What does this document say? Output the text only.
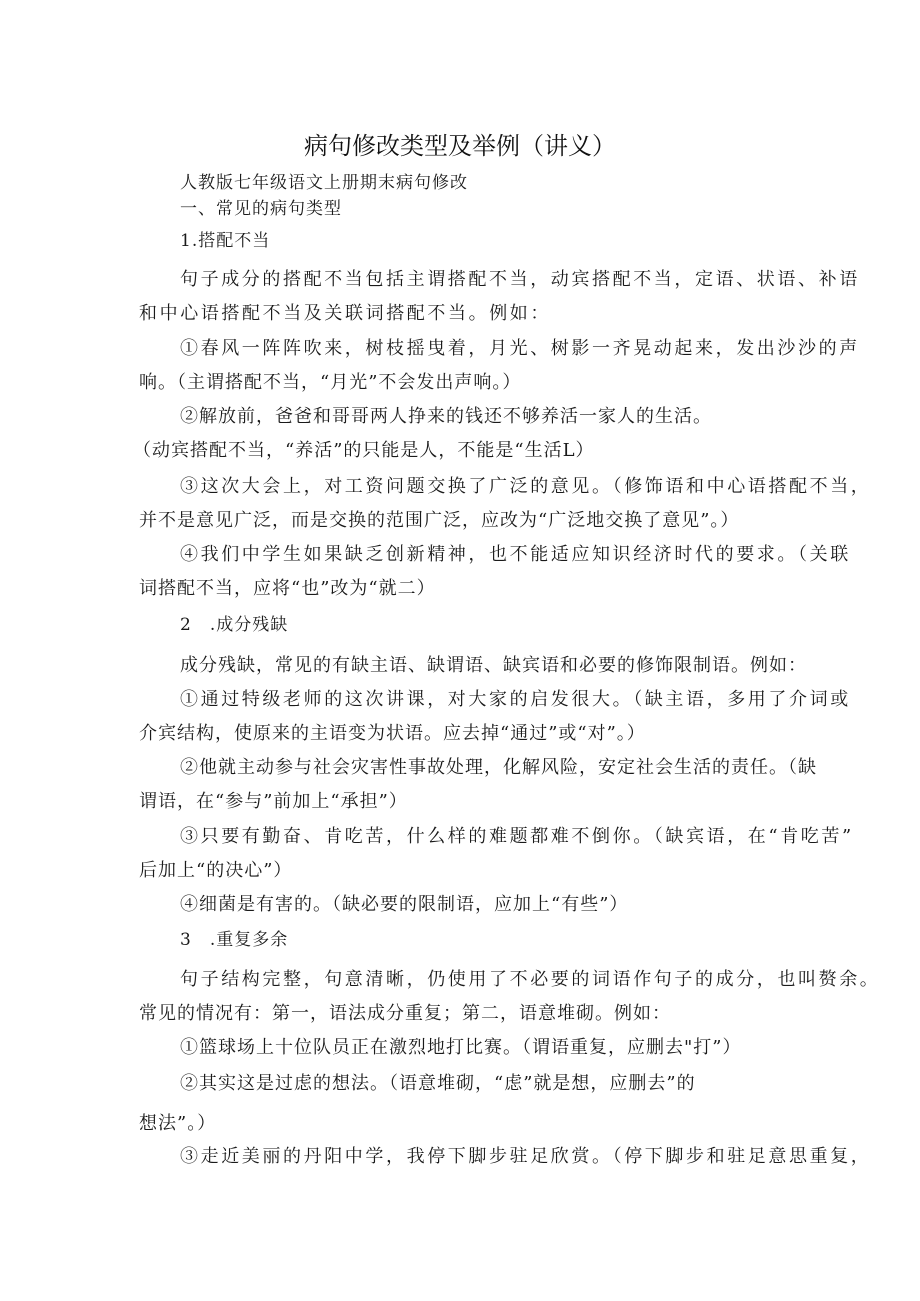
病句修改类型及举例（讲义）
人教版七年级语文上册期末病句修改
一、常见的病句类型
1.搭配不当
句子成分的搭配不当包括主谓搭配不当，动宾搭配不当，定语、状语、补语
和中心语搭配不当及关联词搭配不当。例如：
①春风一阵阵吹来，树枝摇曳着，月光、树影一齐晃动起来，发出沙沙的声
响。（主谓搭配不当，“月光”不会发出声响。）
②解放前，爸爸和哥哥两人挣来的钱还不够养活一家人的生活。
（动宾搭配不当，“养活”的只能是人，不能是“生活L）
③这次大会上，对工资问题交换了广泛的意见。（修饰语和中心语搭配不当，
并不是意见广泛，而是交换的范围广泛，应改为“广泛地交换了意见”。）
④我们中学生如果缺乏创新精神，也不能适应知识经济时代的要求。（关联
词搭配不当，应将“也”改为“就二）
2　.成分残缺
成分残缺，常见的有缺主语、缺谓语、缺宾语和必要的修饰限制语。例如：
①通过特级老师的这次讲课，对大家的启发很大。（缺主语，多用了介词或
介宾结构，使原来的主语变为状语。应去掉“通过”或“对”。）
②他就主动参与社会灾害性事故处理，化解风险，安定社会生活的责任。（缺
谓语，在“参与”前加上“承担”）
③只要有勤奋、肯吃苦，什么样的难题都难不倒你。（缺宾语，在“肯吃苦”
后加上“的决心”）
④细菌是有害的。（缺必要的限制语，应加上“有些”）
3　.重复多余
句子结构完整，句意清晰，仍使用了不必要的词语作句子的成分，也叫赘余。
常见的情况有：第一，语法成分重复；第二，语意堆砌。例如：
①篮球场上十位队员正在激烈地打比赛。（谓语重复，应删去"打”）
②其实这是过虑的想法。（语意堆砌，“虑”就是想，应删去”的
想法”。）
③走近美丽的丹阳中学，我停下脚步驻足欣赏。（停下脚步和驻足意思重复，
